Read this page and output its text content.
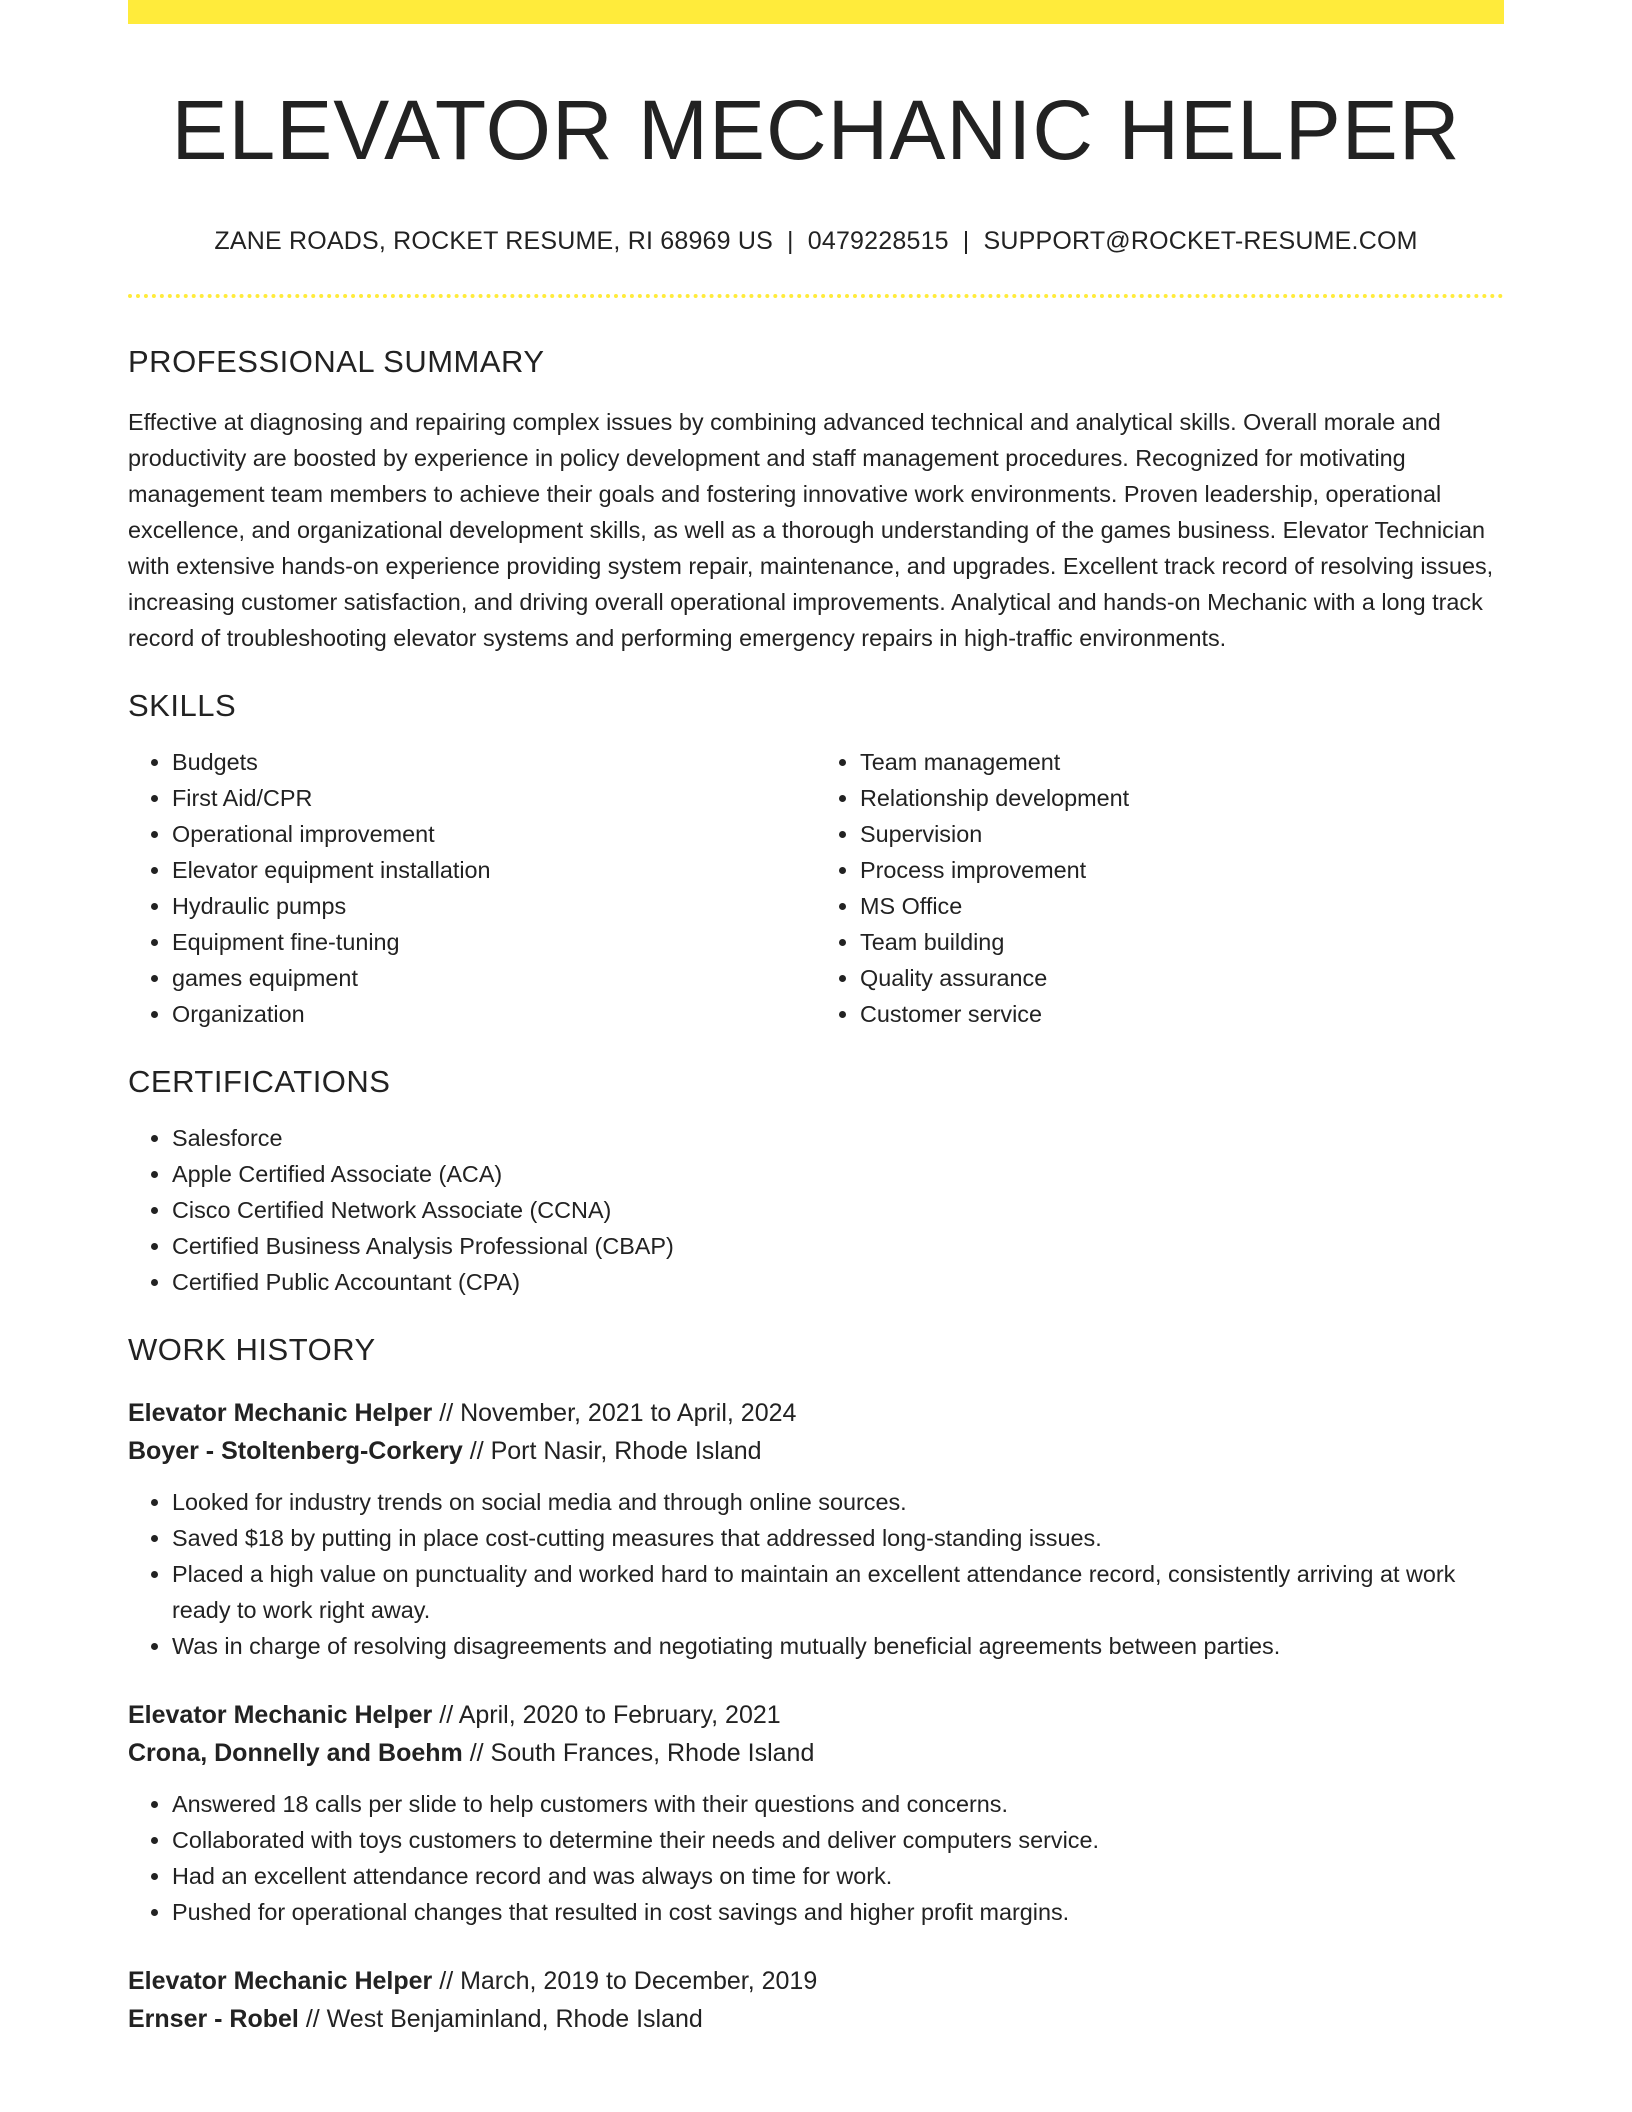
ELEVATOR MECHANIC HELPER
ZANE ROADS, ROCKET RESUME, RI 68969 US | 0479228515 | SUPPORT@ROCKET-RESUME.COM
PROFESSIONAL SUMMARY

Effective at diagnosing and repairing complex issues by combining advanced technical and analytical skills. Overall morale and productivity are boosted by experience in policy development and staff management procedures. Recognized for motivating management team members to achieve their goals and fostering innovative work environments. Proven leadership, operational excellence, and organizational development skills, as well as a thorough understanding of the games business. Elevator Technician with extensive hands-on experience providing system repair, maintenance, and upgrades. Excellent track record of resolving issues, increasing customer satisfaction, and driving overall operational improvements. Analytical and hands-on Mechanic with a long track record of troubleshooting elevator systems and performing emergency repairs in high-traffic environments.

SKILLS
• Budgets
• First Aid/CPR
• Operational improvement
• Elevator equipment installation
• Hydraulic pumps
• Equipment fine-tuning
• games equipment
• Organization
• Team management
• Relationship development
• Supervision
• Process improvement
• MS Office
• Team building
• Quality assurance
• Customer service
CERTIFICATIONS
• Salesforce
• Apple Certified Associate (ACA)
• Cisco Certified Network Associate (CCNA)
• Certified Business Analysis Professional (CBAP)
• Certified Public Accountant (CPA)
WORK HISTORY
Elevator Mechanic Helper // November, 2021 to April, 2024
Boyer - Stoltenberg-Corkery // Port Nasir, Rhode Island
• Looked for industry trends on social media and through online sources.
• Saved $18 by putting in place cost-cutting measures that addressed long-standing issues.
• Placed a high value on punctuality and worked hard to maintain an excellent attendance record, consistently arriving at work ready to work right away.
• Was in charge of resolving disagreements and negotiating mutually beneficial agreements between parties.
Elevator Mechanic Helper // April, 2020 to February, 2021
Crona, Donnelly and Boehm // South Frances, Rhode Island
• Answered 18 calls per slide to help customers with their questions and concerns.
• Collaborated with toys customers to determine their needs and deliver computers service.
• Had an excellent attendance record and was always on time for work.
• Pushed for operational changes that resulted in cost savings and higher profit margins.
Elevator Mechanic Helper // March, 2019 to December, 2019
Ernser - Robel // West Benjaminland, Rhode Island
